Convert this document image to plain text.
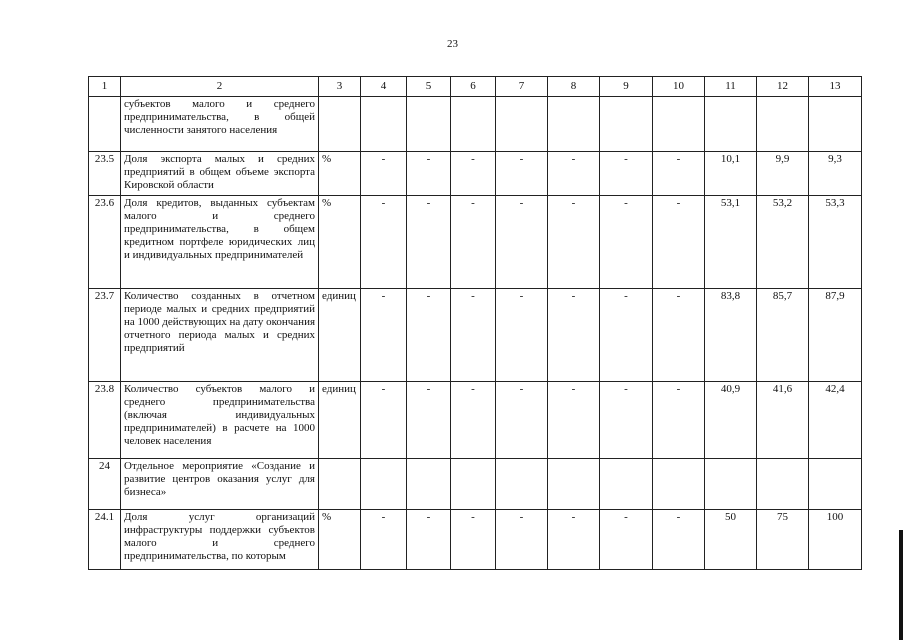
23
1	2	3	4	5	6	7	8	9	10	11	12	13
	субъектов малого и среднего предпринимательства, в общей численности занятого населения											
23.5	Доля экспорта малых и средних предприятий в общем объеме экспорта Кировской области	%	-	-	-	-	-	-	-	10,1	9,9	9,3
23.6	Доля кредитов, выданных субъектам малого и среднего предпринимательства, в общем кредитном портфеле юридических лиц и индивидуальных предпринимателей	%	-	-	-	-	-	-	-	53,1	53,2	53,3
23.7	Количество созданных в отчетном периоде малых и средних предприятий на 1000 действующих на дату окончания отчетного периода малых и средних предприятий	единиц	-	-	-	-	-	-	-	83,8	85,7	87,9
23.8	Количество субъектов малого и среднего предпринимательства (включая индивидуальных предпринимателей) в расчете на 1000 человек населения	единиц	-	-	-	-	-	-	-	40,9	41,6	42,4
24	Отдельное мероприятие «Создание и развитие центров оказания услуг для бизнеса»											
24.1	Доля услуг организаций инфраструктуры поддержки субъектов малого и среднего предпринимательства, по которым	%	-	-	-	-	-	-	-	50	75	100
